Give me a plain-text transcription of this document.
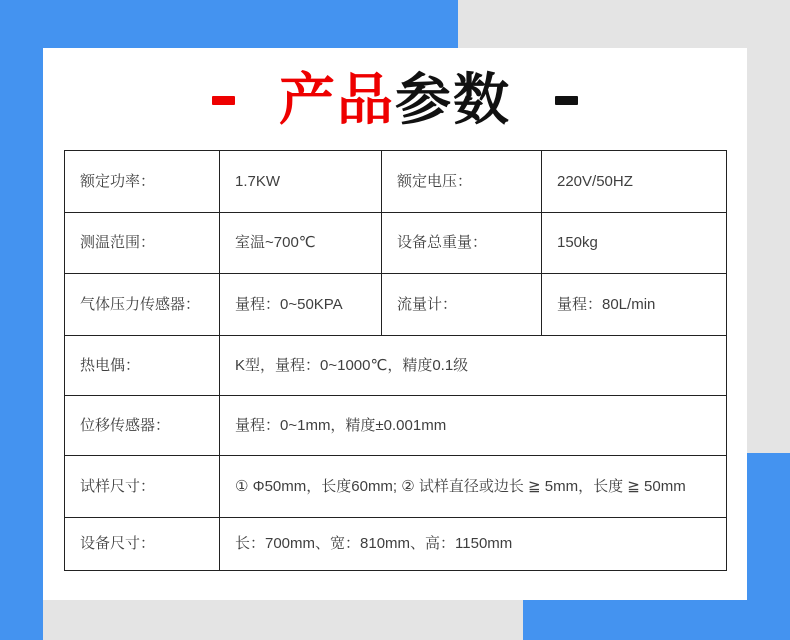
产品参数
额定功率：	1.7KW	额定电压：	220V/50HZ
测温范围：	室温~700℃	设备总重量：	150kg
气体压力传感器：	量程：0~50KPA	流量计：	量程：80L/min
热电偶：	K型，量程：0~1000℃，精度0.1级		
位移传感器：	量程：0~1mm，精度±0.001mm		
试样尺寸：	① Φ50mm，长度60mm; ② 试样直径或边长 ≧ 5mm，长度 ≧ 50mm		
设备尺寸：	长：700mm、宽：810mm、高：1150mm		
